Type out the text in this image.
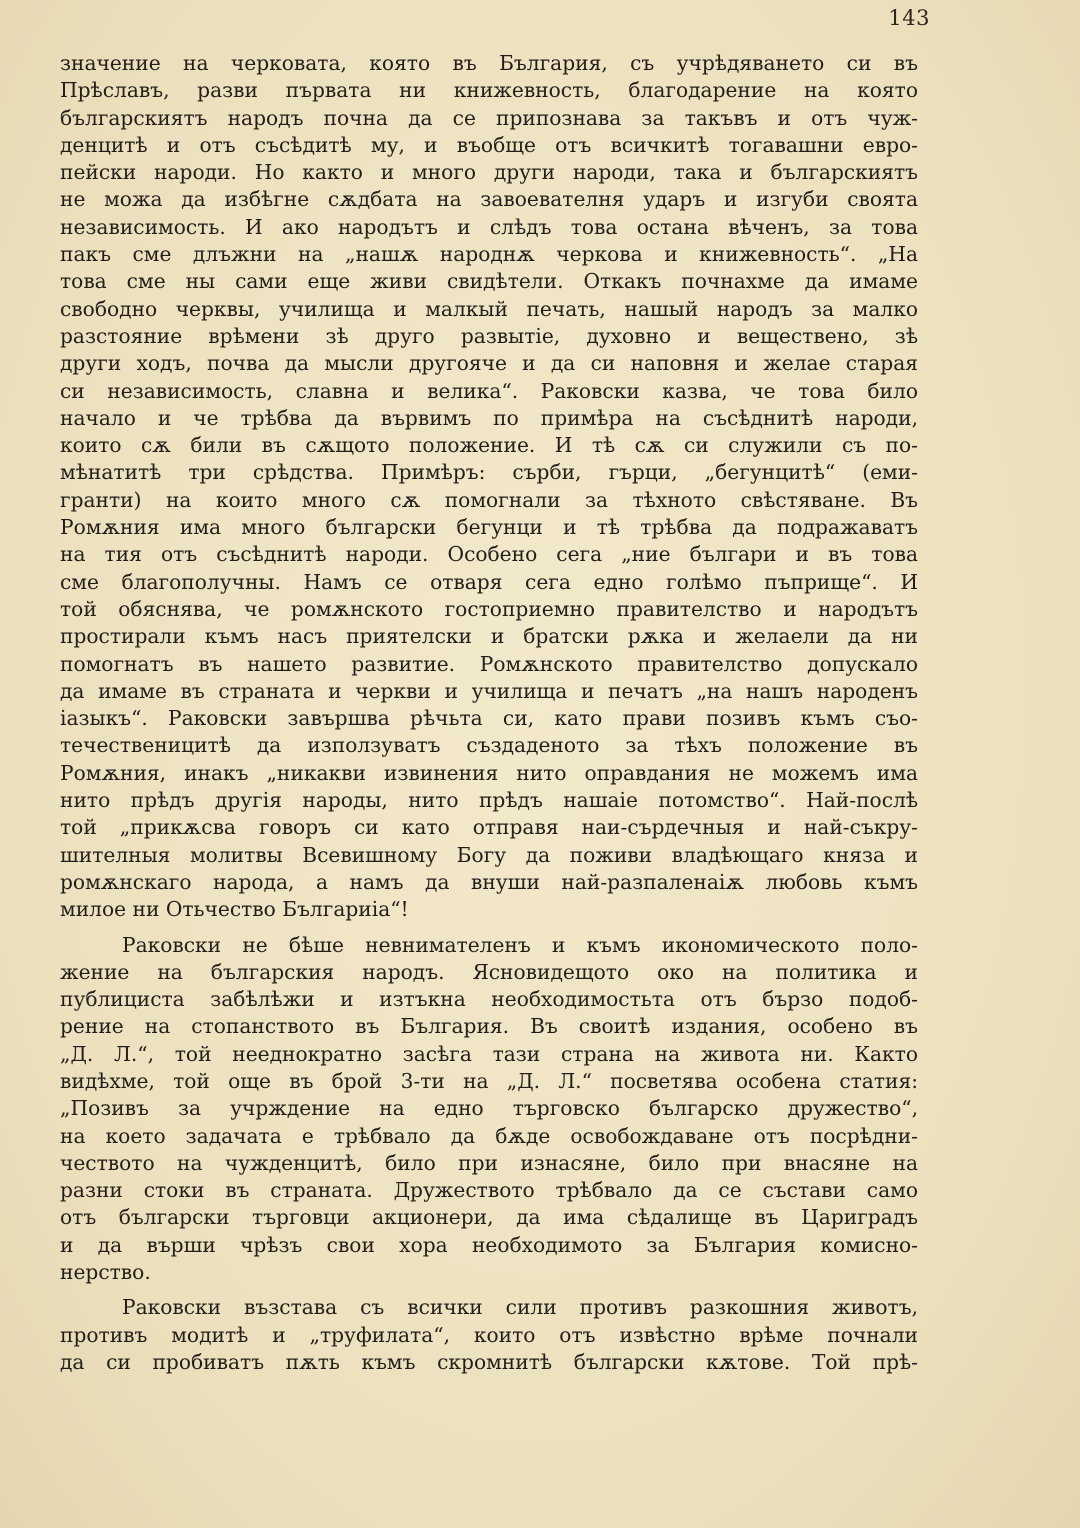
143
значение на черковата, която въ България, съ учрѣдяването си въ
Прѣславъ, разви първата ни книжевность, благодарение на която
българскиятъ народъ почна да се припознава за такъвъ и отъ чуж-
денцитѣ и отъ съсѣдитѣ му, и въобще отъ всичкитѣ тогавашни евро-
пейски народи. Но както и много други народи, така и българскиятъ
не можа да избѣгне сѫдбата на завоевателня ударъ и изгуби своята
независимость. И ако народътъ и слѣдъ това остана вѣченъ, за това
пакъ сме длъжни на „нашѫ народнѫ черкова и книжевность“. „На
това сме ны сами еще живи свидѣтели. Откакъ почнахме да имаме
свободно черквы, училища и малкый печать, нашый народъ за малко
разстояние врѣмени зѣ друго развытіе, духовно и веществено, зѣ
други ходъ, почва да мысли другояче и да си наповня и желае старая
си независимость, славна и велика“. Раковски казва, че това било
начало и че трѣбва да вървимъ по примѣра на съсѣднитѣ народи,
които сѫ били въ сѫщото положение. И тѣ сѫ си служили съ по-
мѣнатитѣ три срѣдства. Примѣръ: сърби, гърци, „бегунцитѣ“ (еми-
гранти) на които много сѫ помогнали за тѣхното свѣстяване. Въ
Ромѫния има много български бегунци и тѣ трѣбва да подражаватъ
на тия отъ съсѣднитѣ народи. Особено сега „ние българи и въ това
сме благополучны. Намъ се отваря сега едно голѣмо пъприще“. И
той обяснява, че ромѫнското гостоприемно правителство и народътъ
простирали къмъ насъ приятелски и братски рѫка и желаели да ни
помогнатъ въ нашето развитие. Ромѫнското правителство допускало
да имаме въ страната и черкви и училища и печатъ „на нашъ народенъ
іазыкъ“. Раковски завършва рѣчьта си, като прави позивъ къмъ съо-
течественицитѣ да използуватъ създаденото за тѣхъ положение въ
Ромѫния, инакъ „никакви извинения нито оправдания не можемъ има
нито прѣдъ другія народы, нито прѣдъ нашаіе потомство“. Най-послѣ
той „прикѫсва говоръ си като отправя наи-сърдечныя и най-съкру-
шителныя молитвы Всевишному Богу да поживи владѣющаго княза и
ромѫнскаго народа, а намъ да внуши най-разпаленаіѫ любовь къмъ
милое ни Отьчество Българиіа“!
Раковски не бѣше невнимателенъ и къмъ икономическото поло-
жение на българския народъ. Ясновидещото око на политика и
публициста забѣлѣжи и изтъкна необходимостьта отъ бързо подоб-
рение на стопанството въ България. Въ своитѣ издания, особено въ
„Д. Л.“, той нееднократно засѣга тази страна на живота ни. Както
видѣхме, той още въ брой 3-ти на „Д. Л.“ посветява особена статия:
„Позивъ за учрждение на едно търговско българско дружество“,
на което задачата е трѣбвало да бѫде освобождаване отъ посрѣдни-
чеството на чужденцитѣ, било при изнасяне, било при внасяне на
разни стоки въ страната. Дружеството трѣбвало да се състави само
отъ български търговци акционери, да има сѣдалище въ Цариградъ
и да върши чрѣзъ свои хора необходимото за България комисно-
нерство.
Раковски възстава съ всички сили противъ разкошния животъ,
противъ модитѣ и „труфилата“, които отъ извѣстно врѣме почнали
да си пробиватъ пѫть къмъ скромнитѣ български кѫтове. Той прѣ-
